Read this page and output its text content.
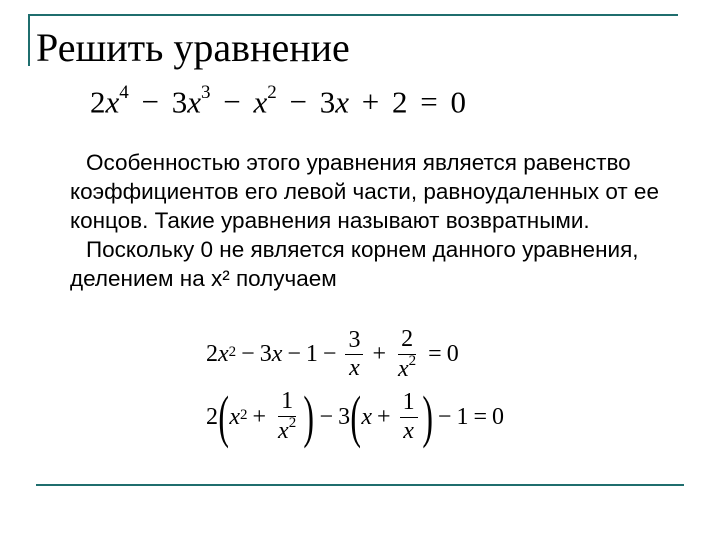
Решить уравнение
$2x^4 - 3x^3 - x^2 - 3x + 2 = 0$

Особенностью этого уравнения является равенство коэффициентов его левой части, равноудаленных от ее концов. Такие уравнения называют возвратными.

Поскольку 0 не является корнем данного уравнения, делением на x² получаем

2 $x^2 - 3$ $x - 1 - \frac{3}{x} + \frac{2}{x^2} = 0$
2 ( $x^2 + \frac{1}{x^2}$ ) − 3 ( $x + \frac{1}{x}$ ) − 1 = 0
